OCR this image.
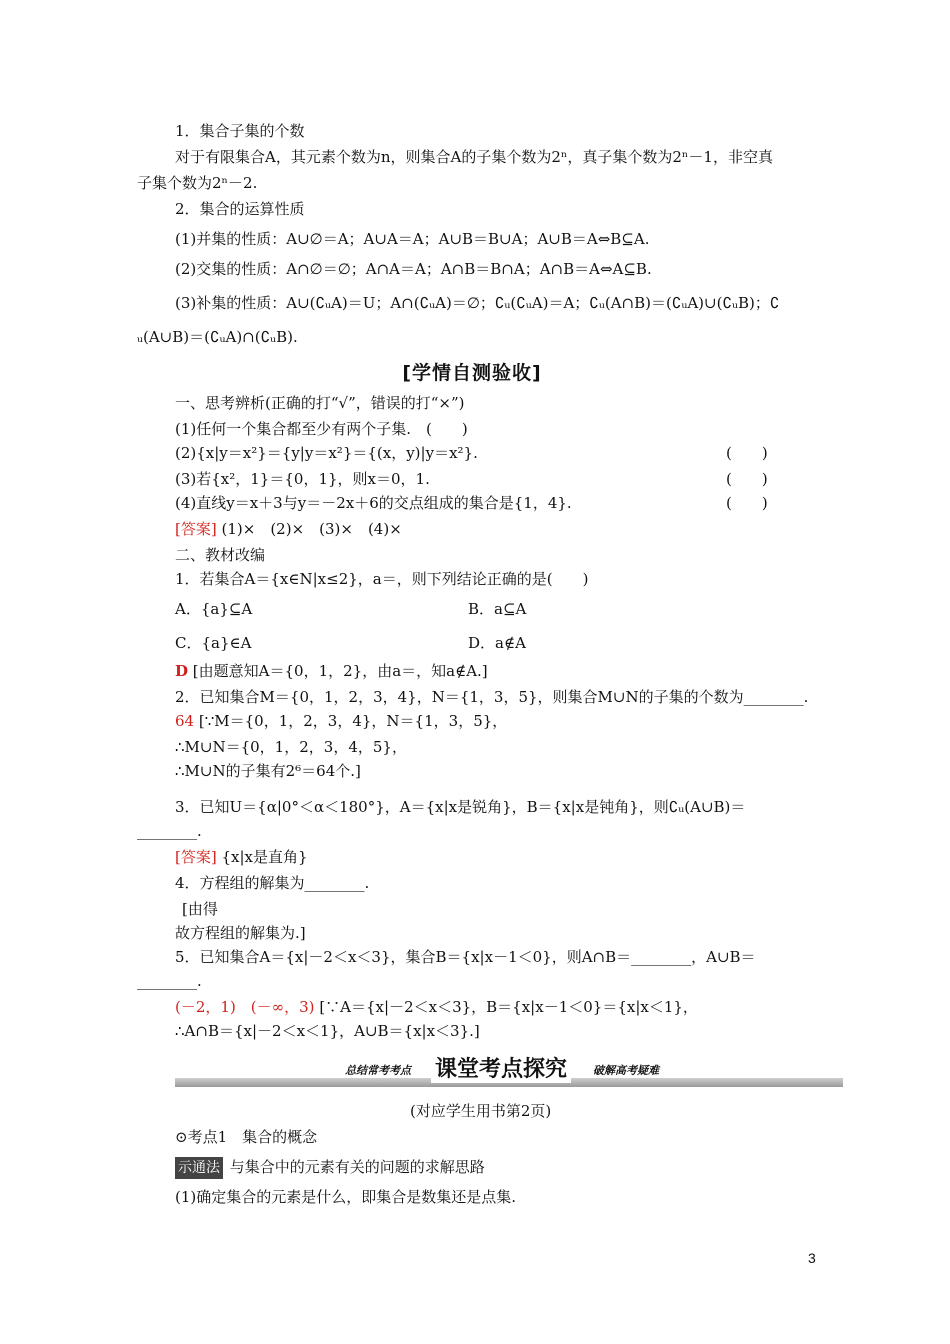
1．集合子集的个数
对于有限集合A，其元素个数为n，则集合A的子集个数为2ⁿ，真子集个数为2ⁿ－1，非空真
子集个数为2ⁿ－2.
2．集合的运算性质
(1)并集的性质：A∪∅＝A；A∪A＝A；A∪B＝B∪A；A∪B＝A⇔B⊆A.
(2)交集的性质：A∩∅＝∅；A∩A＝A；A∩B＝B∩A；A∩B＝A⇔A⊆B.
(3)补集的性质：A∪(∁ᵤA)＝U；A∩(∁ᵤA)＝∅；∁ᵤ(∁ᵤA)＝A；∁ᵤ(A∩B)＝(∁ᵤA)∪(∁ᵤB)；∁
ᵤ(A∪B)＝(∁ᵤA)∩(∁ᵤB).
[学情自测验收]
一、思考辨析(正确的打“√”，错误的打“×”)
(1)任何一个集合都至少有两个子集.　(　　)
(2){x|y＝x²}＝{y|y＝x²}＝{(x，y)|y＝x²}.	(　　)
(3)若{x²，1}＝{0，1}，则x＝0，1.	(　　)
(4)直线y＝x＋3与y＝－2x＋6的交点组成的集合是{1，4}.	(　　)
[答案] (1)×　(2)×　(3)×　(4)×
二、教材改编
1．若集合A＝{x∈N|x≤2}，a＝，则下列结论正确的是(　　)
A．{a}⊆A	B．a⊆A
C．{a}∈A	D．a∉A
D [由题意知A＝{0，1，2}，由a＝，知a∉A.]
2．已知集合M＝{0，1，2，3，4}，N＝{1，3，5}，则集合M∪N的子集的个数为________.
64 [∵M＝{0，1，2，3，4}，N＝{1，3，5}，
∴M∪N＝{0，1，2，3，4，5}，
∴M∪N的子集有2⁶＝64个.]
3．已知U＝{α|0°＜α＜180°}，A＝{x|x是锐角}，B＝{x|x是钝角}，则∁ᵤ(A∪B)＝
________.
[答案] {x|x是直角}
4．方程组的解集为________.
[由得
故方程组的解集为.]
5．已知集合A＝{x|－2＜x＜3}，集合B＝{x|x－1＜0}，则A∩B＝________，A∪B＝
________.
(－2，1)　(－∞，3) [∵A＝{x|－2＜x＜3}，B＝{x|x－1＜0}＝{x|x＜1}，
∴A∩B＝{x|－2＜x＜1}，A∪B＝{x|x＜3}.]
总结常考考点 课堂考点探究	破解高考疑难
(对应学生用书第2页)
⊙考点1　集合的概念
示通法 与集合中的元素有关的问题的求解思路
(1)确定集合的元素是什么，即集合是数集还是点集.
3
